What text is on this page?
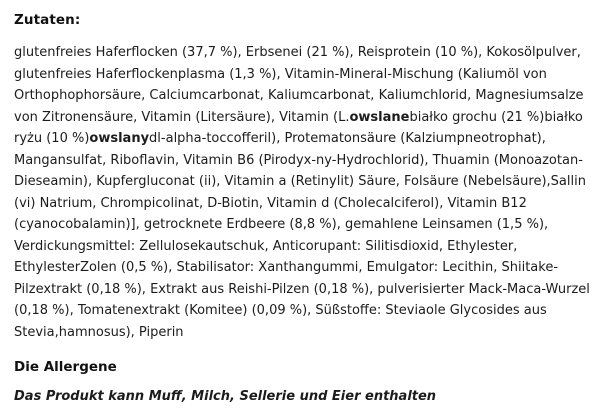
Zutaten:

glutenfreies Haferflocken (37,7 %), Erbsenei (21 %), Reisprotein (10 %), Kokosölpulver, glutenfreies Haferflockenplasma (1,3 %), Vitamin-Mineral-Mischung (Kaliumöl von Orthophophorsäure, Calciumcarbonat, Kaliumcarbonat, Kaliumchlorid, Magnesiumsalze von Zitronensäure, Vitamin (Litersäure), Vitamin (L.owslanebiałko grochu (21 %)białko ryżu (10 %)owslanydl-alpha-toccofferil), Protematonsäure (Kalziumpneotrophat), Mangansulfat, Riboflavin, Vitamin B6 (Pirodyx-ny-Hydrochlorid), Thuamin (Monoazotan-Dieseamin), Kupfergluconat (ii), Vitamin a (Retinylit) Säure, Folsäure (Nebelsäure),Sallin (vi) Natrium, Chrompicolinat, D-Biotin, Vitamin d (Cholecalciferol), Vitamin B12 (cyanocobalamin)], getrocknete Erdbeere (8,8 %), gemahlene Leinsamen (1,5 %), Verdickungsmittel: Zellulosekautschuk, Anticorupant: Silitisdioxid, Ethylester, EthylesterZolen (0,5 %), Stabilisator: Xanthangummi, Emulgator: Lecithin, Shiitake-Pilzextrakt (0,18 %), Extrakt aus Reishi-Pilzen (0,18 %), pulverisierter Mack-Maca-Wurzel (0,18 %), Tomatenextrakt (Komitee) (0,09 %), Süßstoffe: Steviaole Glycosides aus Stevia,hamnosus), Piperin

Die Allergene

Das Produkt kann Muff, Milch, Sellerie und Eier enthalten
